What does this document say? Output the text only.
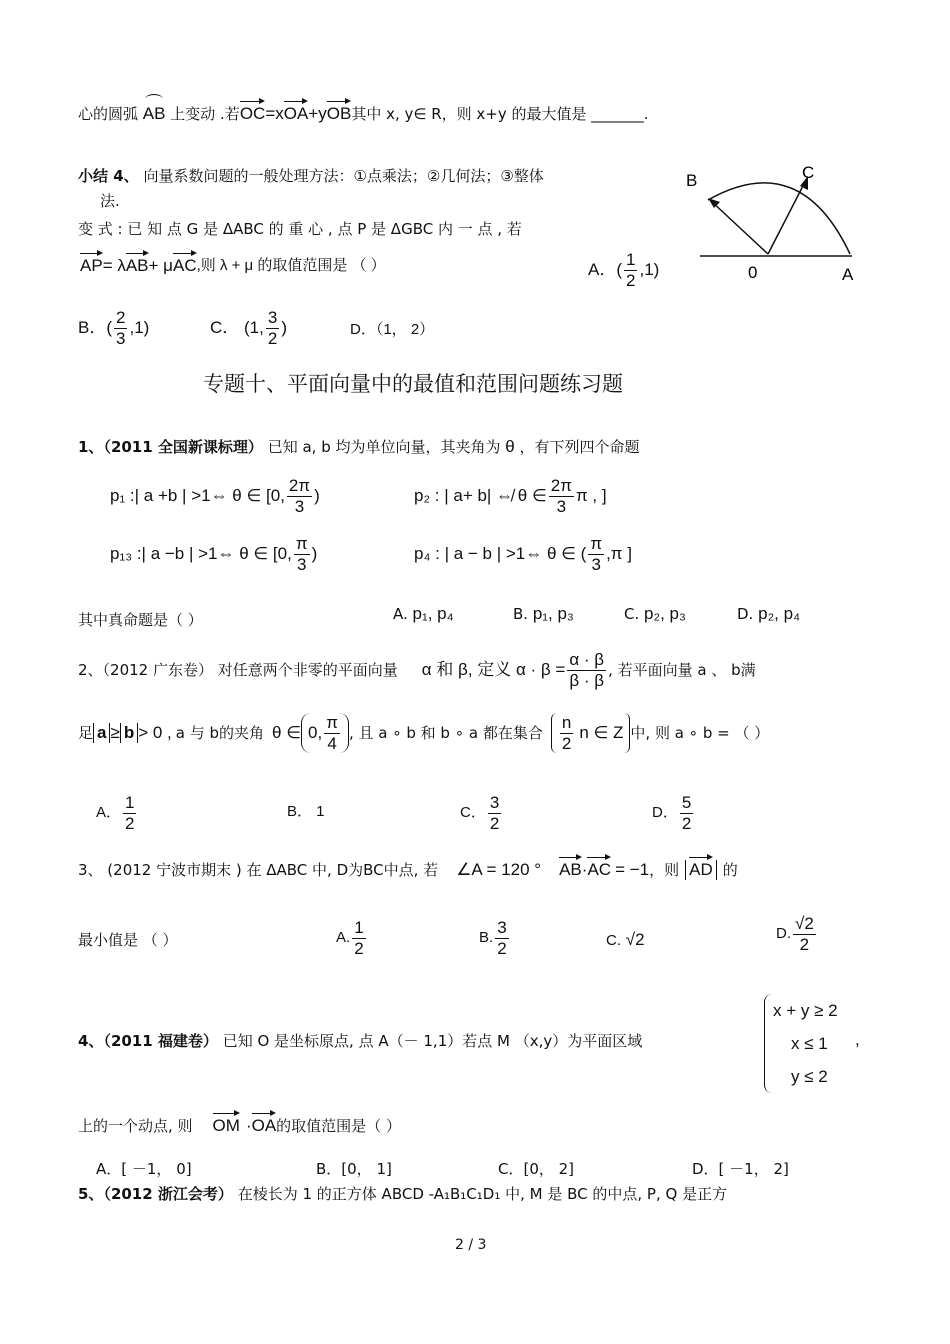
心的圆弧 AB 上变动 .若OC=xOA+yOB其中 x, y∈ R，则 x+y 的最大值是 _______.
小结 4、 向量系数问题的一般处理方法：①点乘法；②几何法；③整体
法.
B	C
0	A
变 式 : 已 知 点 G 是 ΔABC 的 重 心 , 点 P 是 ΔGBC 内 一 点 , 若
AP = λ AB + μ AC ,则 λ + μ 的取值范围是 （ ）	A．( $\frac{1}{2} ,1$)
B．( $\frac{2}{3} ,1$)	C． (1, $\frac{3}{2}$ )	D．（1， 2）
专题十、平面向量中的最值和范围问题练习题
1、（2011 全国新课标理） 已知 a, b 均为单位向量，其夹角为 θ ，有下列四个命题
p₁ :| a +b | >1⇔ θ ∈ [0, $\frac{2\pi}{3}$ )	p₂ : | a+ b| ⇎ θ ∈ $\frac{2\pi}{3}$ π , ]
p₁₃ :| a −b | >1⇔ θ ∈ [0, $\frac{\pi}{3}$ )	p₄ : | a − b | >1⇔ θ ∈ ( $\frac{\pi}{3} ,\pi$ ]
其中真命题是（ ）	A. p₁, p₄	B. p₁, p₃	C. p₂, p₃	D. p₂, p₄
2、（2012 广东卷） 对任意两个非零的平面向量 α 和 β , 定义 $\alpha \cdot \beta = \frac{\alpha \cdot \beta}{\beta \cdot \beta}$ , 若平面向量 a 、 b满
足 a ≥ b > 0 , a 与 b的夹角 θ ∈ 0, $\frac{\pi}{4}$ , 且 a ∘ b 和 b ∘ a 都在集合 $\frac{n}{2}$ n ∈ Z 中, 则 a ∘ b = （ ）
A． $\frac{1}{2}$	B． 1	C． $\frac{3}{2}$	D． $\frac{5}{2}$
3、 (2012 宁波市期末 ) 在 ΔABC 中, D为BC中点, 若 ∠A = 120 ° AB · AC = −1 ，则 AD 的
最小值是 （ ）	A. $\frac{1}{2}$	B. $\frac{3}{2}$	C. √2	D. $\frac{√2}{2}$
4、（2011 福建卷） 已知 O 是坐标原点, 点 A（－ 1,1）若点 M （x,y）为平面区域
x + y ≥ 2
x ≤ 1
y ≤ 2
,
上的一个动点, 则 OM · OA 的取值范围是（ ）
A．[ －1， 0]	B．[0， 1]	C．[0， 2]	D．[ －1， 2]
5、（2012 浙江会考） 在棱长为 1 的正方体 ABCD -A₁B₁C₁D₁ 中, M 是 BC 的中点, P, Q 是正方
2 / 3
